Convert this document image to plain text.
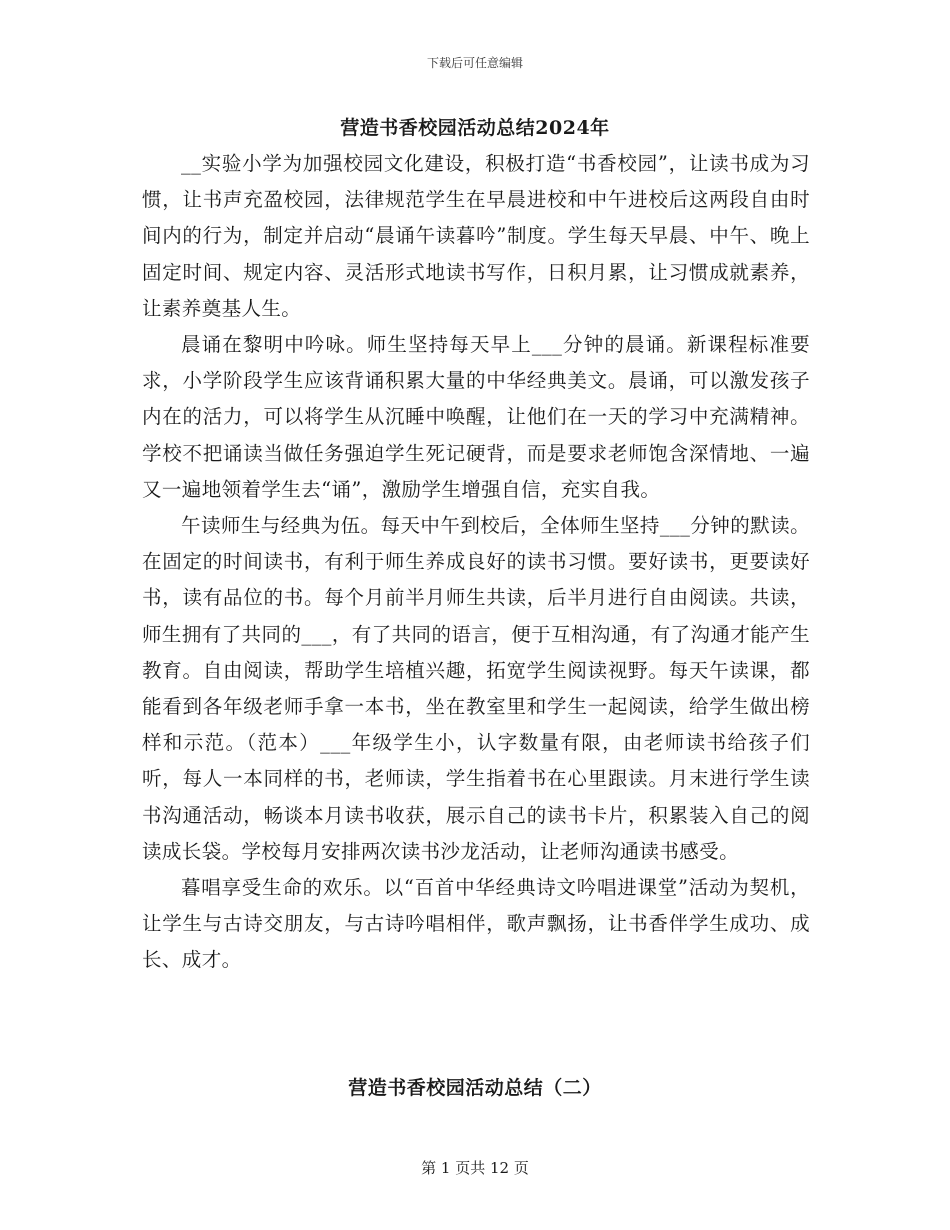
下载后可任意编辑
营造书香校园活动总结2024年

__实验小学为加强校园文化建设，积极打造“书香校园”，让读书成为习惯，让书声充盈校园，法律规范学生在早晨进校和中午进校后这两段自由时间内的行为，制定并启动“晨诵午读暮吟”制度。学生每天早晨、中午、晚上固定时间、规定内容、灵活形式地读书写作，日积月累，让习惯成就素养，让素养奠基人生。

晨诵在黎明中吟咏。师生坚持每天早上___分钟的晨诵。新课程标准要求，小学阶段学生应该背诵积累大量的中华经典美文。晨诵，可以激发孩子内在的活力，可以将学生从沉睡中唤醒，让他们在一天的学习中充满精神。学校不把诵读当做任务强迫学生死记硬背，而是要求老师饱含深情地、一遍又一遍地领着学生去“诵”，激励学生增强自信，充实自我。

午读师生与经典为伍。每天中午到校后，全体师生坚持___分钟的默读。在固定的时间读书，有利于师生养成良好的读书习惯。要好读书，更要读好书，读有品位的书。每个月前半月师生共读，后半月进行自由阅读。共读，师生拥有了共同的___，有了共同的语言，便于互相沟通，有了沟通才能产生教育。自由阅读，帮助学生培植兴趣，拓宽学生阅读视野。每天午读课，都能看到各年级老师手拿一本书，坐在教室里和学生一起阅读，给学生做出榜样和示范。（范本）___年级学生小，认字数量有限，由老师读书给孩子们听，每人一本同样的书，老师读，学生指着书在心里跟读。月末进行学生读书沟通活动，畅谈本月读书收获，展示自己的读书卡片，积累装入自己的阅读成长袋。学校每月安排两次读书沙龙活动，让老师沟通读书感受。

暮唱享受生命的欢乐。以“百首中华经典诗文吟唱进课堂”活动为契机，让学生与古诗交朋友，与古诗吟唱相伴，歌声飘扬，让书香伴学生成功、成长、成才。

营造书香校园活动总结（二）
第 1 页共 12 页
